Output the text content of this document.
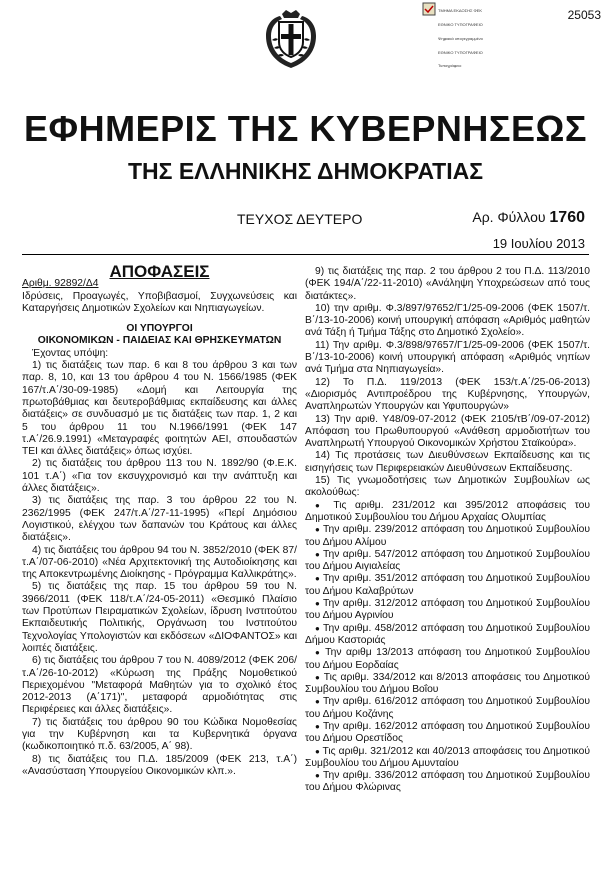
25053

ΤΜΗΜΑ ΕΚΔΟΣΗΣ ΦΕΚ

ΕΘΝΙΚΟ ΤΥΠΟΓΡΑΦΕΙΟ

Ψηφιακά υπογεγραμμένο

ΕΘΝΙΚΟ ΤΥΠΟΓΡΑΦΕΙΟ

Τυπογράφειο

ΕΦΗΜΕΡΙΣ ΤΗΣ ΚΥΒΕΡΝΗΣΕΩΣ
ΤΗΣ ΕΛΛΗΝΙΚΗΣ ΔΗΜΟΚΡΑΤΙΑΣ
ΤΕΥΧΟΣ ΔΕΥΤΕΡΟ	Αρ. Φύλλου 1760
19 Ιουλίου 2013

ΑΠΟΦΑΣΕΙΣ

Αριθμ. 92892/Δ4

Ιδρύσεις, Προαγωγές, Υποβιβασμοί, Συγχωνεύσεις και Καταργήσεις Δημοτικών Σχολείων και Νηπιαγωγείων.

ΟΙ ΥΠΟΥΡΓΟΙ

ΟΙΚΟΝΟΜΙΚΩΝ - ΠΑΙΔΕΙΑΣ ΚΑΙ ΘΡΗΣΚΕΥΜΑΤΩΝ

Έχοντας υπόψη:

1) τις διατάξεις των παρ. 6 και 8 του άρθρου 3 και των παρ. 8, 10, και 13 του άρθρου 4 του Ν. 1566/1985 (ΦΕΚ 167/τ.Α΄/30-09-1985) «Δομή και Λειτουργία της πρωτοβάθμιας και δευτεροβάθμιας εκπαίδευσης και άλλες διατάξεις» σε συνδυασμό με τις διατάξεις των παρ. 1, 2 και 5 του άρθρου 11 του Ν.1966/1991 (ΦΕΚ 147 τ.Α΄/26.9.1991) «Μεταγραφές φοιτητών ΑΕΙ, σπουδαστών ΤΕΙ και άλλες διατάξεις» όπως ισχύει.

2) τις διατάξεις του άρθρου 113 του Ν. 1892/90 (Φ.Ε.Κ. 101 τ.Α΄) «Για τον εκσυγχρονισμό και την ανάπτυξη και άλλες διατάξεις».

3) τις διατάξεις της παρ. 3 του άρθρου 22 του Ν. 2362/1995 (ΦΕΚ 247/τ.Α΄/27-11-1995) «Περί Δημόσιου Λογιστικού, ελέγχου των δαπανών του Κράτους και άλλες διατάξεις».

4) τις διατάξεις του άρθρου 94 του Ν. 3852/2010 (ΦΕΚ 87/τ.Α΄/07-06-2010) «Νέα Αρχιτεκτονική της Αυτοδιοίκησης και της Αποκεντρωμένης Διοίκησης - Πρόγραμμα Καλλικράτης».

5) τις διατάξεις της παρ. 15 του άρθρου 59 του Ν. 3966/2011 (ΦΕΚ 118/τ.Α΄/24-05-2011) «Θεσμικό Πλαίσιο των Προτύπων Πειραματικών Σχολείων, ίδρυση Ινστιτούτου Εκπαιδευτικής Πολιτικής, Οργάνωση του Ινστιτούτου Τεχνολογίας Υπολογιστών και εκδόσεων «ΔΙΟΦΑΝΤΟΣ» και λοιπές διατάξεις.

6) τις διατάξεις του άρθρου 7 του Ν. 4089/2012 (ΦΕΚ 206/τ.Α΄/26-10-2012) «Κύρωση της Πράξης Νομοθετικού Περιεχομένου "Μεταφορά Μαθητών για το σχολικό έτος 2012-2013 (Α΄171)", μεταφορά αρμοδιότητας στις Περιφέρειες και άλλες διατάξεις».

7) τις διατάξεις του άρθρου 90 του Κώδικα Νομοθεσίας για την Κυβέρνηση και τα Κυβερνητικά όργανα (κωδικοποιητικό π.δ. 63/2005, Α΄ 98).

8) τις διατάξεις του Π.Δ. 185/2009 (ΦΕΚ 213, τ.Α΄) «Ανασύσταση Υπουργείου Οικονομικών κλπ.».

9) τις διατάξεις της παρ. 2 του άρθρου 2 του Π.Δ. 113/2010 (ΦΕΚ 194/Α΄/22-11-2010) «Ανάληψη Υποχρεώσεων από τους διατάκτες».

10) την αριθμ. Φ.3/897/97652/Γ1/25-09-2006 (ΦΕΚ 1507/τ. Β΄/13-10-2006) κοινή υπουργική απόφαση «Αριθμός μαθητών ανά Τάξη ή Τμήμα Τάξης στο Δημοτικό Σχολείο».

11) Την αριθμ. Φ.3/898/97657/Γ1/25-09-2006 (ΦΕΚ 1507/τ. Β΄/13-10-2006) κοινή υπουργική απόφαση «Αριθμός νηπίων ανά Τμήμα στα Νηπιαγωγεία».

12) Το Π.Δ. 119/2013 (ΦΕΚ 153/τ.Α΄/25-06-2013) «Διορισμός Αντιπροέδρου της Κυβέρνησης, Υπουργών, Αναπληρωτών Υπουργών και Υφυπουργών»

13) Την αριθ. Υ48/09-07-2012 (ΦΕΚ 2105/τΒ΄/09-07-2012) Απόφαση του Πρωθυπουργού «Ανάθεση αρμοδιοτήτων του Αναπληρωτή Υπουργού Οικονομικών Χρήστου Σταϊκούρα».

14) Τις προτάσεις των Διευθύνσεων Εκπαίδευσης και τις εισηγήσεις των Περιφερειακών Διευθύνσεων Εκπαίδευσης.

15) Τις γνωμοδοτήσεις των Δημοτικών Συμβουλίων ως ακολούθως:

● Τις αριθμ. 231/2012 και 395/2012 αποφάσεις του Δημοτικού Συμβουλίου του Δήμου Αρχαίας Ολυμπίας

● Την αριθμ. 239/2012 απόφαση του Δημοτικού Συμβουλίου του Δήμου Αλίμου

● Την αριθμ. 547/2012 απόφαση του Δημοτικού Συμβουλίου του Δήμου Αιγιαλείας

● Την αριθμ. 351/2012 απόφαση του Δημοτικού Συμβουλίου του Δήμου Καλαβρύτων

● Την αριθμ. 312/2012 απόφαση του Δημοτικού Συμβουλίου του Δήμου Αγρινίου

● Την αριθμ. 458/2012 απόφαση του Δημοτικού Συμβουλίου Δήμου Καστοριάς

● Την αριθμ 13/2013 απόφαση του Δημοτικού Συμβουλίου του Δήμου Εορδαίας

● Τις αριθμ. 334/2012 και 8/2013 αποφάσεις του Δημοτικού Συμβουλίου του Δήμου Βοΐου

● Την αριθμ. 616/2012 απόφαση του Δημοτικού Συμβουλίου του Δήμου Κοζάνης

● Την αριθμ. 162/2012 απόφαση του Δημοτικού Συμβουλίου του Δήμου Ορεστίδος

● Τις αριθμ. 321/2012 και 40/2013 αποφάσεις του Δημοτικού Συμβουλίου του Δήμου Αμυνταίου

● Την αριθμ. 336/2012 απόφαση του Δημοτικού Συμβουλίου του Δήμου Φλώρινας
